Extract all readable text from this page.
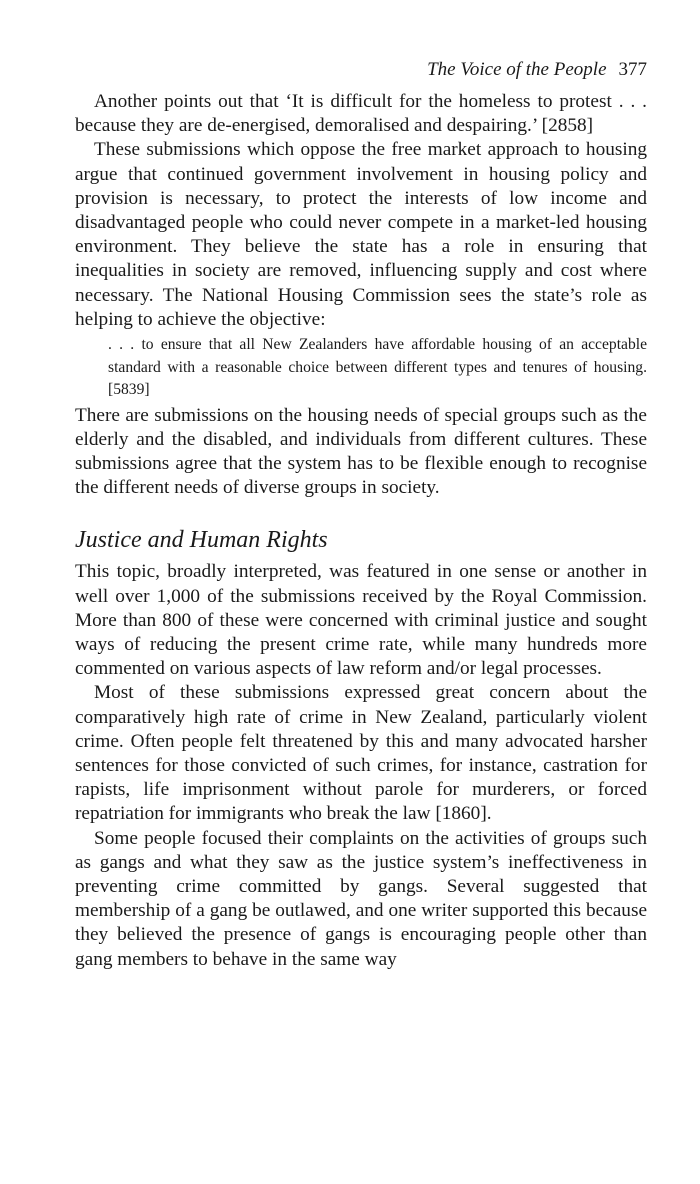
The Voice of the People 377

Another points out that ‘It is difficult for the homeless to protest . . . because they are de-energised, demoralised and despairing.’ [2858]

These submissions which oppose the free market approach to housing argue that continued government involvement in housing policy and provision is necessary, to protect the interests of low income and disadvantaged people who could never compete in a market-led housing environment. They believe the state has a role in ensuring that inequalities in society are removed, influencing supply and cost where necessary. The National Housing Commission sees the state’s role as helping to achieve the objective:

. . . to ensure that all New Zealanders have affordable housing of an acceptable standard with a reasonable choice between different types and tenures of housing. [5839]

There are submissions on the housing needs of special groups such as the elderly and the disabled, and individuals from different cultures. These submissions agree that the system has to be flexible enough to recognise the different needs of diverse groups in society.

Justice and Human Rights

This topic, broadly interpreted, was featured in one sense or another in well over 1,000 of the submissions received by the Royal Commission. More than 800 of these were concerned with criminal justice and sought ways of reducing the present crime rate, while many hundreds more commented on various aspects of law reform and/or legal processes.

Most of these submissions expressed great concern about the comparatively high rate of crime in New Zealand, particularly violent crime. Often people felt threatened by this and many advocated harsher sentences for those convicted of such crimes, for instance, castration for rapists, life imprisonment without parole for murderers, or forced repatriation for immigrants who break the law [1860].

Some people focused their complaints on the activities of groups such as gangs and what they saw as the justice system’s ineffectiveness in preventing crime committed by gangs. Several suggested that membership of a gang be outlawed, and one writer supported this because they believed the presence of gangs is encouraging people other than gang members to behave in the same way
